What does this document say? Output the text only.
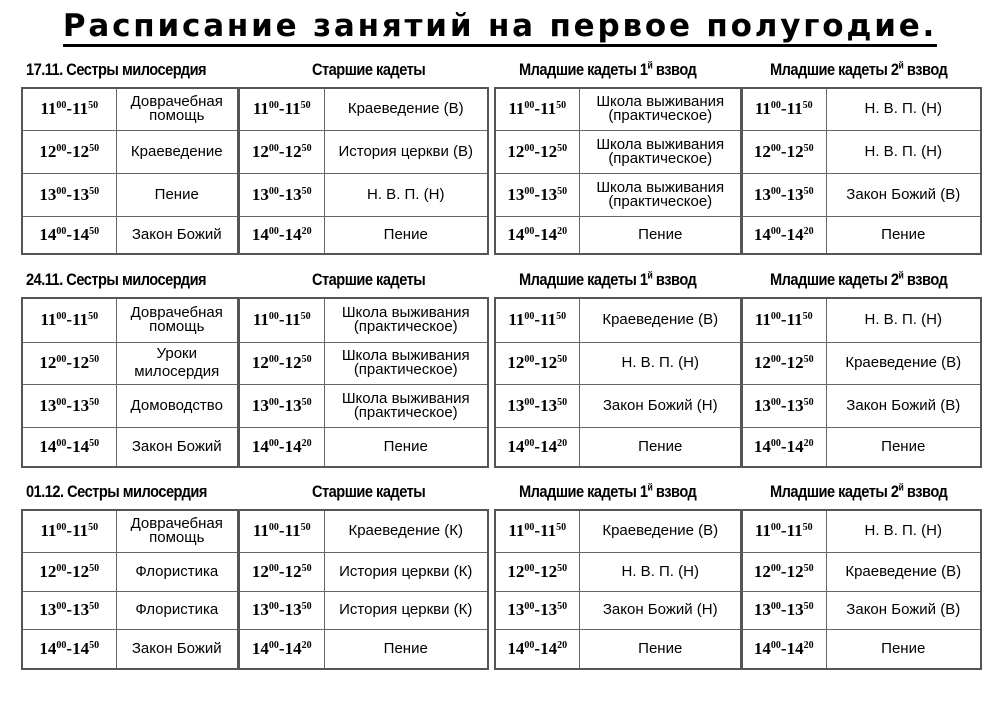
Расписание занятий на первое полугодие.
17.11. Сестры милосердия	Старшие кадеты	Младшие кадеты $1^й$ взвод	Младшие кадеты $2^й$ взвод
$11^{00}-11^{50}$	Доврачебная помощь
$12^{00}-12^{50}$	Краеведение
$13^{00}-13^{50}$	Пение
$14^{00}-14^{50}$	Закон Божий
$11^{00}-11^{50}$	Краеведение (В)
$12^{00}-12^{50}$	История церкви (В)
$13^{00}-13^{50}$	Н. В. П. (Н)
$14^{00}-14^{20}$	Пение
$11^{00}-11^{50}$	Школа выживания (практическое)
$12^{00}-12^{50}$	Школа выживания (практическое)
$13^{00}-13^{50}$	Школа выживания (практическое)
$14^{00}-14^{20}$	Пение
$11^{00}-11^{50}$	Н. В. П. (Н)
$12^{00}-12^{50}$	Н. В. П. (Н)
$13^{00}-13^{50}$	Закон Божий (В)
$14^{00}-14^{20}$	Пение
24.11. Сестры милосердия	Старшие кадеты	Младшие кадеты $1^й$ взвод	Младшие кадеты $2^й$ взвод
$11^{00}-11^{50}$	Доврачебная помощь
$12^{00}-12^{50}$	Уроки милосердия
$13^{00}-13^{50}$	Домоводство
$14^{00}-14^{50}$	Закон Божий
$11^{00}-11^{50}$	Школа выживания (практическое)
$12^{00}-12^{50}$	Школа выживания (практическое)
$13^{00}-13^{50}$	Школа выживания (практическое)
$14^{00}-14^{20}$	Пение
$11^{00}-11^{50}$	Краеведение (В)
$12^{00}-12^{50}$	Н. В. П. (Н)
$13^{00}-13^{50}$	Закон Божий (Н)
$14^{00}-14^{20}$	Пение
$11^{00}-11^{50}$	Н. В. П. (Н)
$12^{00}-12^{50}$	Краеведение (В)
$13^{00}-13^{50}$	Закон Божий (В)
$14^{00}-14^{20}$	Пение
01.12. Сестры милосердия	Старшие кадеты	Младшие кадеты $1^й$ взвод	Младшие кадеты $2^й$ взвод
$11^{00}-11^{50}$	Доврачебная помощь
$12^{00}-12^{50}$	Флористика
$13^{00}-13^{50}$	Флористика
$14^{00}-14^{50}$	Закон Божий
$11^{00}-11^{50}$	Краеведение (К)
$12^{00}-12^{50}$	История церкви (К)
$13^{00}-13^{50}$	История церкви (К)
$14^{00}-14^{20}$	Пение
$11^{00}-11^{50}$	Краеведение (В)
$12^{00}-12^{50}$	Н. В. П. (Н)
$13^{00}-13^{50}$	Закон Божий (Н)
$14^{00}-14^{20}$	Пение
$11^{00}-11^{50}$	Н. В. П. (Н)
$12^{00}-12^{50}$	Краеведение (В)
$13^{00}-13^{50}$	Закон Божий (В)
$14^{00}-14^{20}$	Пение
